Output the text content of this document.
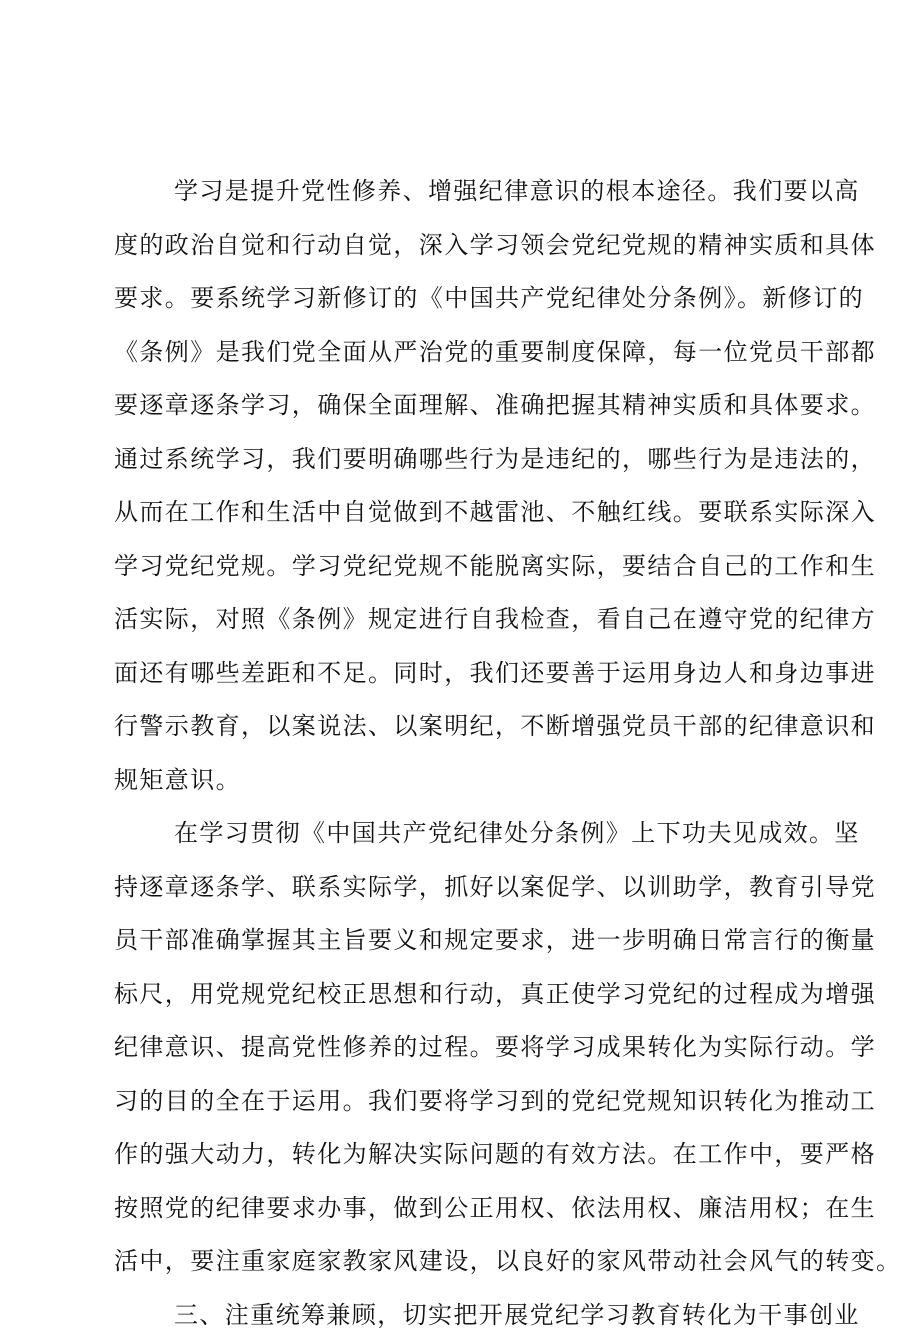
学习是提升党性修养、增强纪律意识的根本途径。我们要以高
度的政治自觉和行动自觉，深入学习领会党纪党规的精神实质和具体
要求。要系统学习新修订的《中国共产党纪律处分条例》。新修订的
《条例》是我们党全面从严治党的重要制度保障，每一位党员干部都
要逐章逐条学习，确保全面理解、准确把握其精神实质和具体要求。
通过系统学习，我们要明确哪些行为是违纪的，哪些行为是违法的，
从而在工作和生活中自觉做到不越雷池、不触红线。要联系实际深入
学习党纪党规。学习党纪党规不能脱离实际，要结合自己的工作和生
活实际，对照《条例》规定进行自我检查，看自己在遵守党的纪律方
面还有哪些差距和不足。同时，我们还要善于运用身边人和身边事进
行警示教育，以案说法、以案明纪，不断增强党员干部的纪律意识和
规矩意识。
在学习贯彻《中国共产党纪律处分条例》上下功夫见成效。坚
持逐章逐条学、联系实际学，抓好以案促学、以训助学，教育引导党
员干部准确掌握其主旨要义和规定要求，进一步明确日常言行的衡量
标尺，用党规党纪校正思想和行动，真正使学习党纪的过程成为增强
纪律意识、提高党性修养的过程。要将学习成果转化为实际行动。学
习的目的全在于运用。我们要将学习到的党纪党规知识转化为推动工
作的强大动力，转化为解决实际问题的有效方法。在工作中，要严格
按照党的纪律要求办事，做到公正用权、依法用权、廉洁用权；在生
活中，要注重家庭家教家风建设，以良好的家风带动社会风气的转变。
三、注重统筹兼顾，切实把开展党纪学习教育转化为干事创业
